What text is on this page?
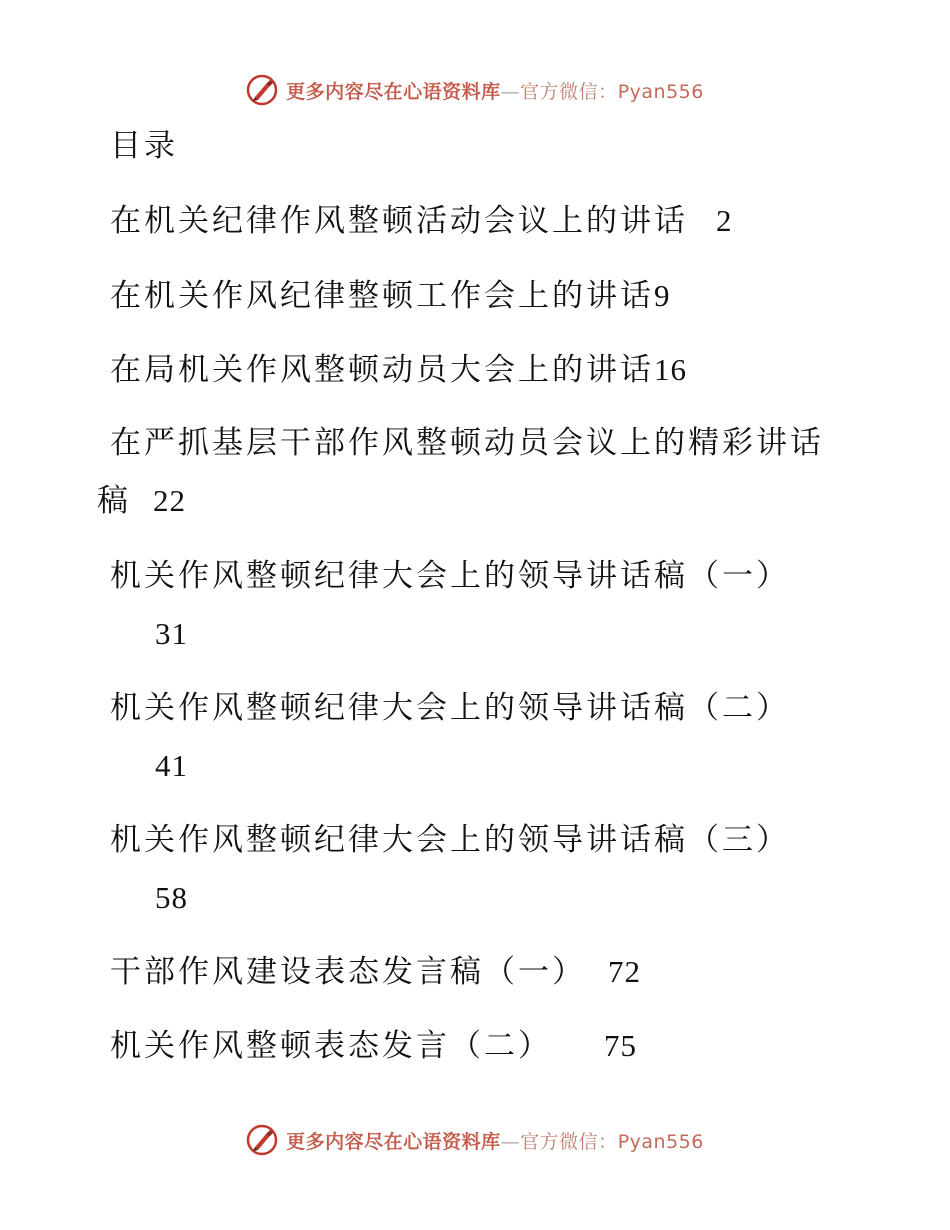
更多内容尽在心语资料库—官方微信：Pyan556
目录
在机关纪律作风整顿活动会议上的讲话 2
在机关作风纪律整顿工作会上的讲话9
在局机关作风整顿动员大会上的讲话16
在严抓基层干部作风整顿动员会议上的精彩讲话
稿 22
机关作风整顿纪律大会上的领导讲话稿（一）
31
机关作风整顿纪律大会上的领导讲话稿（二）
41
机关作风整顿纪律大会上的领导讲话稿（三）
58
干部作风建设表态发言稿（一） 72
机关作风整顿表态发言（二） 75
更多内容尽在心语资料库—官方微信：Pyan556
